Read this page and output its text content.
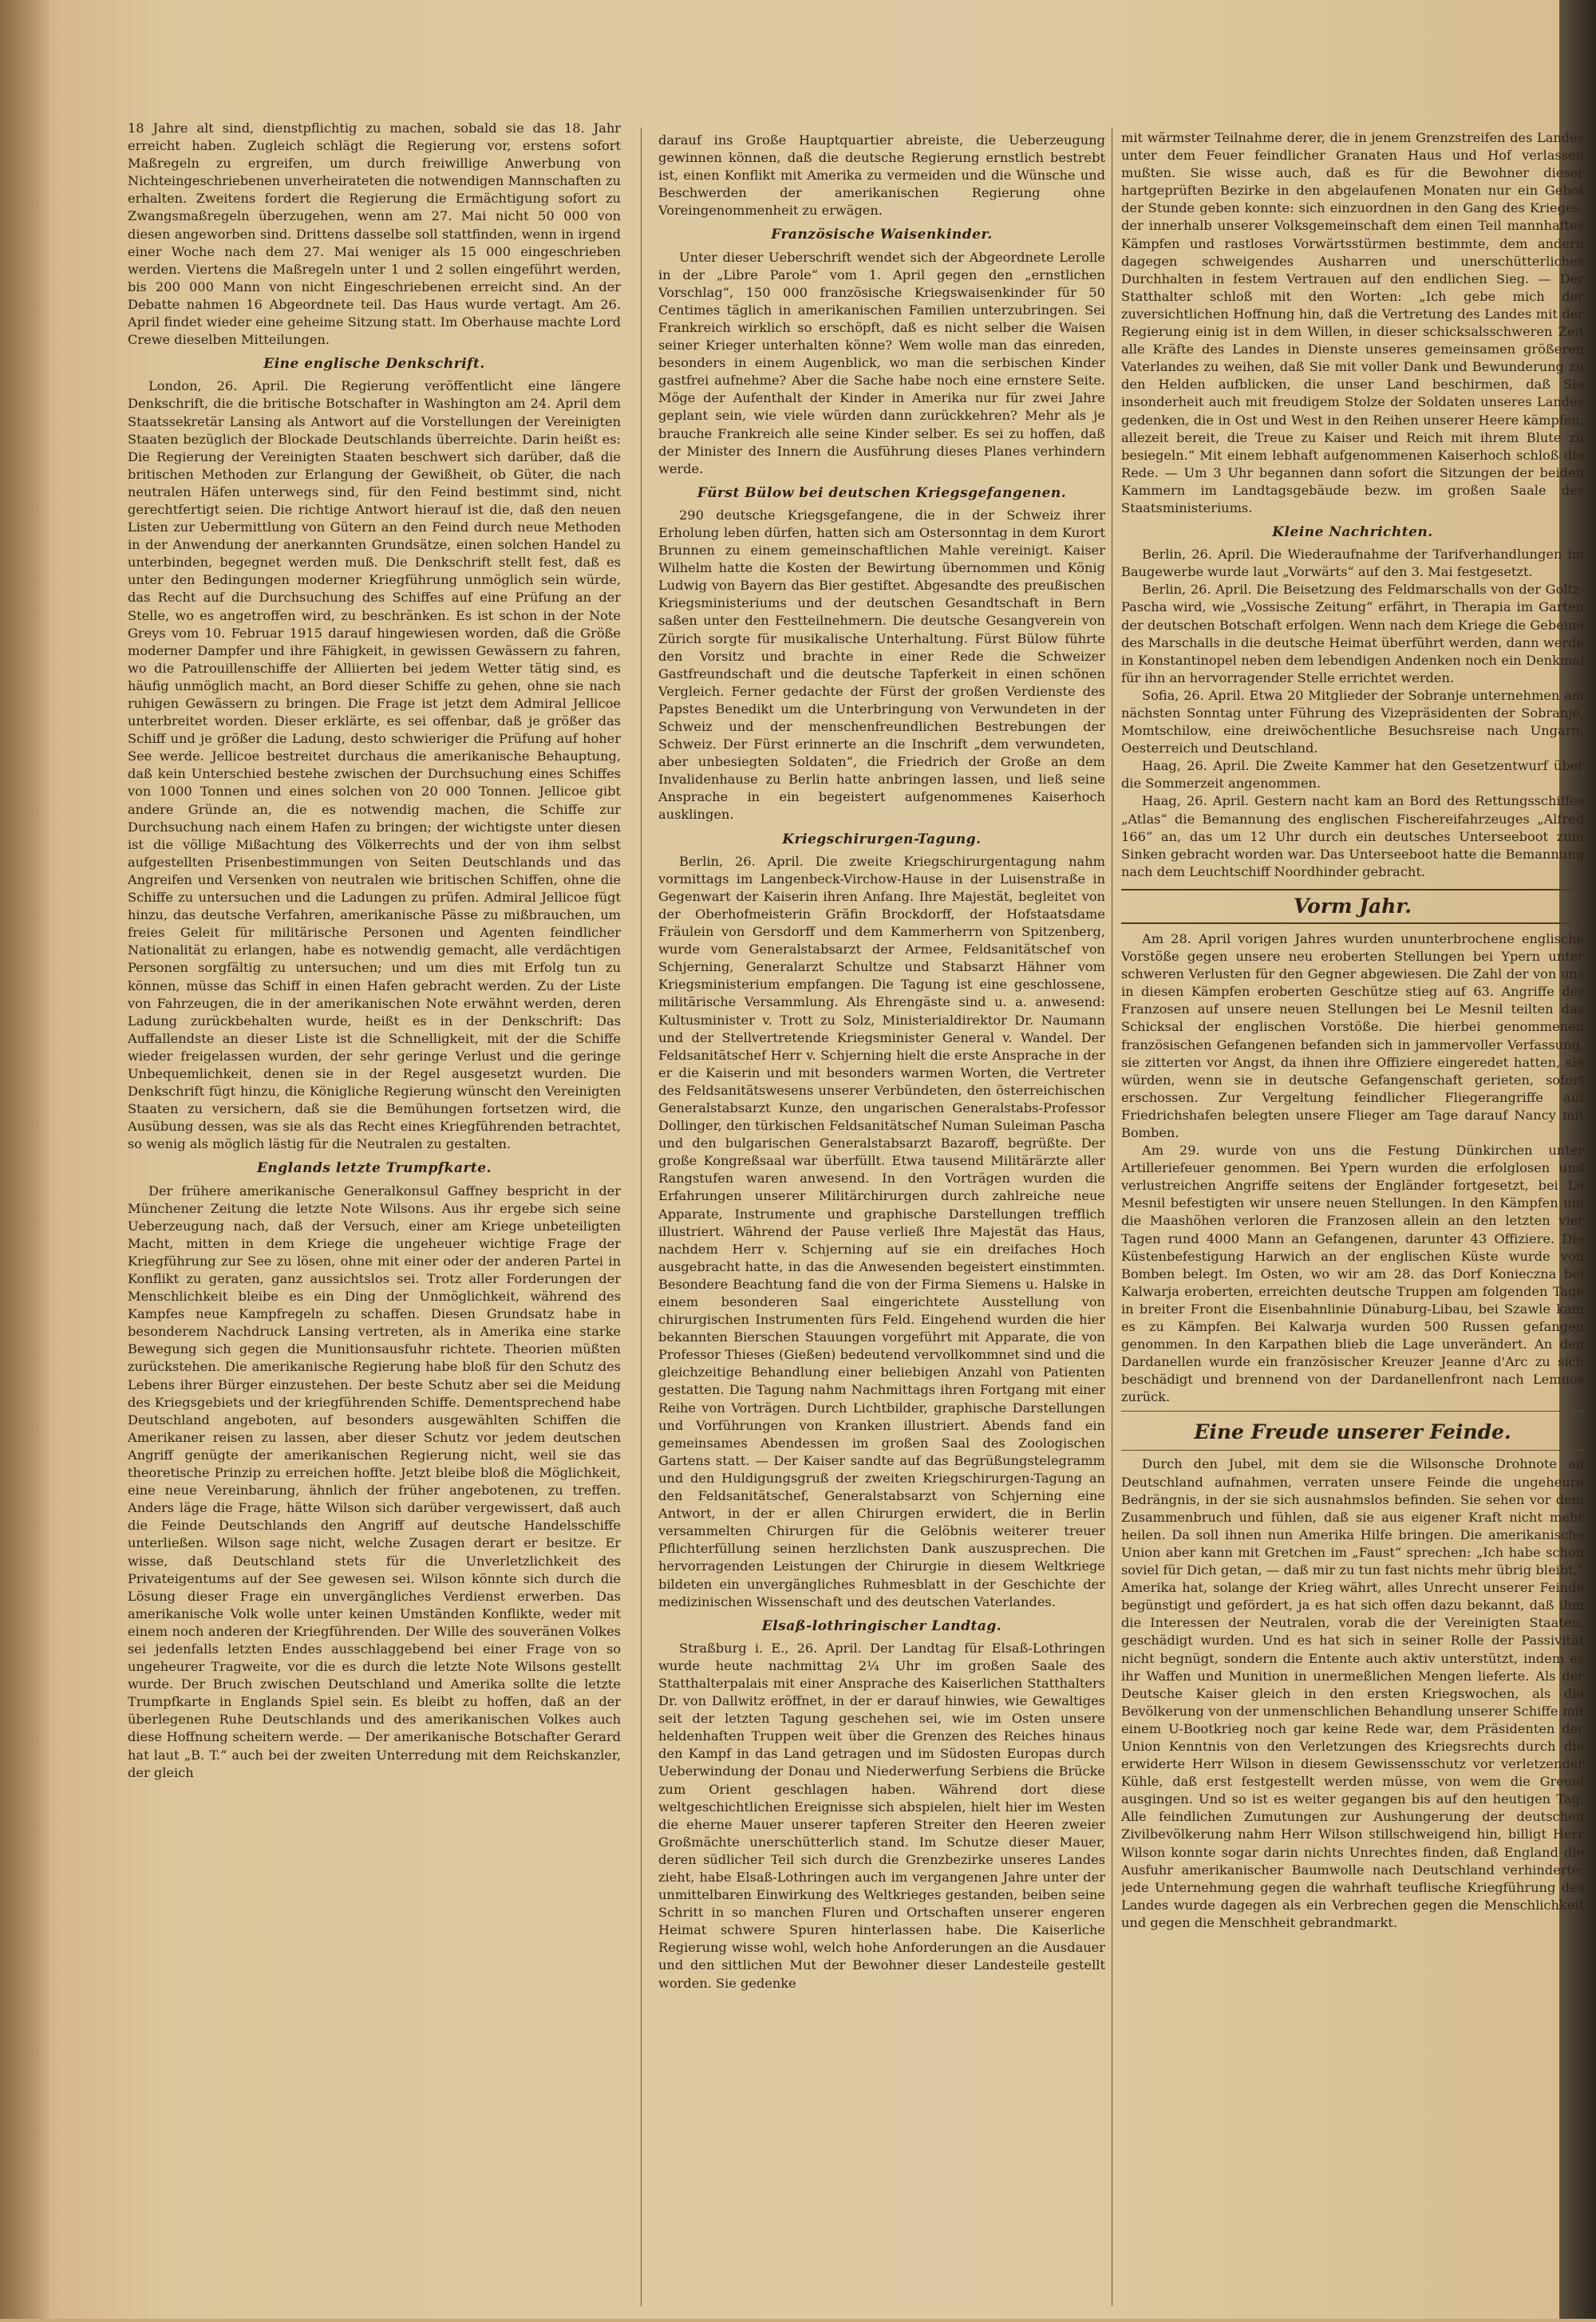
18 Jahre alt sind, dienstpflichtig zu machen, sobald sie das 18. Jahr erreicht haben. Zugleich schlägt die Regierung vor, erstens sofort Maßregeln zu ergreifen, um durch freiwillige Anwerbung von Nichteingeschriebenen unverheirateten die notwendigen Mannschaften zu erhalten. Zweitens fordert die Regierung die Ermächtigung sofort zu Zwangsmaßregeln überzugehen, wenn am 27. Mai nicht 50 000 von diesen angeworben sind. Drittens dasselbe soll stattfinden, wenn in irgend einer Woche nach dem 27. Mai weniger als 15 000 eingeschrieben werden. Viertens die Maßregeln unter 1 und 2 sollen eingeführt werden, bis 200 000 Mann von nicht Eingeschriebenen erreicht sind. An der Debatte nahmen 16 Abgeordnete teil. Das Haus wurde vertagt. Am 26. April findet wieder eine geheime Sitzung statt. Im Oberhause machte Lord Crewe dieselben Mitteilungen.

Eine englische Denkschrift.

London, 26. April. Die Regierung veröffentlicht eine längere Denkschrift, die die britische Botschafter in Washington am 24. April dem Staatssekretär Lansing als Antwort auf die Vorstellungen der Vereinigten Staaten bezüglich der Blockade Deutschlands überreichte. Darin heißt es: Die Regierung der Vereinigten Staaten beschwert sich darüber, daß die britischen Methoden zur Erlangung der Gewißheit, ob Güter, die nach neutralen Häfen unterwegs sind, für den Feind bestimmt sind, nicht gerechtfertigt seien. Die richtige Antwort hierauf ist die, daß den neuen Listen zur Uebermittlung von Gütern an den Feind durch neue Methoden in der Anwendung der anerkannten Grundsätze, einen solchen Handel zu unterbinden, begegnet werden muß. Die Denkschrift stellt fest, daß es unter den Bedingungen moderner Kriegführung unmöglich sein würde, das Recht auf die Durchsuchung des Schiffes auf eine Prüfung an der Stelle, wo es angetroffen wird, zu beschränken. Es ist schon in der Note Greys vom 10. Februar 1915 darauf hingewiesen worden, daß die Größe moderner Dampfer und ihre Fähigkeit, in gewissen Gewässern zu fahren, wo die Patrouillenschiffe der Alliierten bei jedem Wetter tätig sind, es häufig unmöglich macht, an Bord dieser Schiffe zu gehen, ohne sie nach ruhigen Gewässern zu bringen. Die Frage ist jetzt dem Admiral Jellicoe unterbreitet worden. Dieser erklärte, es sei offenbar, daß je größer das Schiff und je größer die Ladung, desto schwieriger die Prüfung auf hoher See werde. Jellicoe bestreitet durchaus die amerikanische Behauptung, daß kein Unterschied bestehe zwischen der Durchsuchung eines Schiffes von 1000 Tonnen und eines solchen von 20 000 Tonnen. Jellicoe gibt andere Gründe an, die es notwendig machen, die Schiffe zur Durchsuchung nach einem Hafen zu bringen; der wichtigste unter diesen ist die völlige Mißachtung des Völkerrechts und der von ihm selbst aufgestellten Prisenbestimmungen von Seiten Deutschlands und das Angreifen und Versenken von neutralen wie britischen Schiffen, ohne die Schiffe zu untersuchen und die Ladungen zu prüfen. Admiral Jellicoe fügt hinzu, das deutsche Verfahren, amerikanische Pässe zu mißbrauchen, um freies Geleit für militärische Personen und Agenten feindlicher Nationalität zu erlangen, habe es notwendig gemacht, alle verdächtigen Personen sorgfältig zu untersuchen; und um dies mit Erfolg tun zu können, müsse das Schiff in einen Hafen gebracht werden. Zu der Liste von Fahrzeugen, die in der amerikanischen Note erwähnt werden, deren Ladung zurückbehalten wurde, heißt es in der Denkschrift: Das Auffallendste an dieser Liste ist die Schnelligkeit, mit der die Schiffe wieder freigelassen wurden, der sehr geringe Verlust und die geringe Unbequemlichkeit, denen sie in der Regel ausgesetzt wurden. Die Denkschrift fügt hinzu, die Königliche Regierung wünscht den Vereinigten Staaten zu versichern, daß sie die Bemühungen fortsetzen wird, die Ausübung dessen, was sie als das Recht eines Kriegführenden betrachtet, so wenig als möglich lästig für die Neutralen zu gestalten.

Englands letzte Trumpfkarte.

Der frühere amerikanische Generalkonsul Gaffney bespricht in der Münchener Zeitung die letzte Note Wilsons. Aus ihr ergebe sich seine Ueberzeugung nach, daß der Versuch, einer am Kriege unbeteiligten Macht, mitten in dem Kriege die ungeheuer wichtige Frage der Kriegführung zur See zu lösen, ohne mit einer oder der anderen Partei in Konflikt zu geraten, ganz aussichtslos sei. Trotz aller Forderungen der Menschlichkeit bleibe es ein Ding der Unmöglichkeit, während des Kampfes neue Kampfregeln zu schaffen. Diesen Grundsatz habe in besonderem Nachdruck Lansing vertreten, als in Amerika eine starke Bewegung sich gegen die Munitionsausfuhr richtete. Theorien müßten zurückstehen. Die amerikanische Regierung habe bloß für den Schutz des Lebens ihrer Bürger einzustehen. Der beste Schutz aber sei die Meidung des Kriegsgebiets und der kriegführenden Schiffe. Dementsprechend habe Deutschland angeboten, auf besonders ausgewählten Schiffen die Amerikaner reisen zu lassen, aber dieser Schutz vor jedem deutschen Angriff genügte der amerikanischen Regierung nicht, weil sie das theoretische Prinzip zu erreichen hoffte. Jetzt bleibe bloß die Möglichkeit, eine neue Vereinbarung, ähnlich der früher angebotenen, zu treffen. Anders läge die Frage, hätte Wilson sich darüber vergewissert, daß auch die Feinde Deutschlands den Angriff auf deutsche Handelsschiffe unterließen. Wilson sage nicht, welche Zusagen derart er besitze. Er wisse, daß Deutschland stets für die Unverletzlichkeit des Privateigentums auf der See gewesen sei. Wilson könnte sich durch die Lösung dieser Frage ein unvergängliches Verdienst erwerben. Das amerikanische Volk wolle unter keinen Umständen Konflikte, weder mit einem noch anderen der Kriegführenden. Der Wille des souveränen Volkes sei jedenfalls letzten Endes ausschlaggebend bei einer Frage von so ungeheurer Tragweite, vor die es durch die letzte Note Wilsons gestellt wurde. Der Bruch zwischen Deutschland und Amerika sollte die letzte Trumpfkarte in Englands Spiel sein. Es bleibt zu hoffen, daß an der überlegenen Ruhe Deutschlands und des amerikanischen Volkes auch diese Hoffnung scheitern werde. — Der amerikanische Botschafter Gerard hat laut „B. T.“ auch bei der zweiten Unterredung mit dem Reichskanzler, der gleich

darauf ins Große Hauptquartier abreiste, die Ueberzeugung gewinnen können, daß die deutsche Regierung ernstlich bestrebt ist, einen Konflikt mit Amerika zu vermeiden und die Wünsche und Beschwerden der amerikanischen Regierung ohne Voreingenommenheit zu erwägen.

Französische Waisenkinder.

Unter dieser Ueberschrift wendet sich der Abgeordnete Lerolle in der „Libre Parole“ vom 1. April gegen den „ernstlichen Vorschlag“, 150 000 französische Kriegswaisenkinder für 50 Centimes täglich in amerikanischen Familien unterzubringen. Sei Frankreich wirklich so erschöpft, daß es nicht selber die Waisen seiner Krieger unterhalten könne? Wem wolle man das einreden, besonders in einem Augenblick, wo man die serbischen Kinder gastfrei aufnehme? Aber die Sache habe noch eine ernstere Seite. Möge der Aufenthalt der Kinder in Amerika nur für zwei Jahre geplant sein, wie viele würden dann zurückkehren? Mehr als je brauche Frankreich alle seine Kinder selber. Es sei zu hoffen, daß der Minister des Innern die Ausführung dieses Planes verhindern werde.

Fürst Bülow bei deutschen Kriegsgefangenen.

290 deutsche Kriegsgefangene, die in der Schweiz ihrer Erholung leben dürfen, hatten sich am Ostersonntag in dem Kurort Brunnen zu einem gemeinschaftlichen Mahle vereinigt. Kaiser Wilhelm hatte die Kosten der Bewirtung übernommen und König Ludwig von Bayern das Bier gestiftet. Abgesandte des preußischen Kriegsministeriums und der deutschen Gesandtschaft in Bern saßen unter den Festteilnehmern. Die deutsche Gesangverein von Zürich sorgte für musikalische Unterhaltung. Fürst Bülow führte den Vorsitz und brachte in einer Rede die Schweizer Gastfreundschaft und die deutsche Tapferkeit in einen schönen Vergleich. Ferner gedachte der Fürst der großen Verdienste des Papstes Benedikt um die Unterbringung von Verwundeten in der Schweiz und der menschenfreundlichen Bestrebungen der Schweiz. Der Fürst erinnerte an die Inschrift „dem verwundeten, aber unbesiegten Soldaten“, die Friedrich der Große an dem Invalidenhause zu Berlin hatte anbringen lassen, und ließ seine Ansprache in ein begeistert aufgenommenes Kaiserhoch ausklingen.

Kriegschirurgen-Tagung.

Berlin, 26. April. Die zweite Kriegschirurgentagung nahm vormittags im Langenbeck-Virchow-Hause in der Luisenstraße in Gegenwart der Kaiserin ihren Anfang. Ihre Majestät, begleitet von der Oberhofmeisterin Gräfin Brockdorff, der Hofstaatsdame Fräulein von Gersdorff und dem Kammerherrn von Spitzenberg, wurde vom Generalstabsarzt der Armee, Feldsanitätschef von Schjerning, Generalarzt Schultze und Stabsarzt Hähner vom Kriegsministerium empfangen. Die Tagung ist eine geschlossene, militärische Versammlung. Als Ehrengäste sind u. a. anwesend: Kultusminister v. Trott zu Solz, Ministerialdirektor Dr. Naumann und der Stellvertretende Kriegsminister General v. Wandel. Der Feldsanitätschef Herr v. Schjerning hielt die erste Ansprache in der er die Kaiserin und mit besonders warmen Worten, die Vertreter des Feldsanitätswesens unserer Verbündeten, den österreichischen Generalstabsarzt Kunze, den ungarischen Generalstabs-Professor Dollinger, den türkischen Feldsanitätschef Numan Suleiman Pascha und den bulgarischen Generalstabsarzt Bazaroff, begrüßte. Der große Kongreßsaal war überfüllt. Etwa tausend Militärärzte aller Rangstufen waren anwesend. In den Vorträgen wurden die Erfahrungen unserer Militärchirurgen durch zahlreiche neue Apparate, Instrumente und graphische Darstellungen trefflich illustriert. Während der Pause verließ Ihre Majestät das Haus, nachdem Herr v. Schjerning auf sie ein dreifaches Hoch ausgebracht hatte, in das die Anwesenden begeistert einstimmten. Besondere Beachtung fand die von der Firma Siemens u. Halske in einem besonderen Saal eingerichtete Ausstellung von chirurgischen Instrumenten fürs Feld. Eingehend wurden die hier bekannten Bierschen Stauungen vorgeführt mit Apparate, die von Professor Thieses (Gießen) bedeutend vervollkommnet sind und die gleichzeitige Behandlung einer beliebigen Anzahl von Patienten gestatten. Die Tagung nahm Nachmittags ihren Fortgang mit einer Reihe von Vorträgen. Durch Lichtbilder, graphische Darstellungen und Vorführungen von Kranken illustriert. Abends fand ein gemeinsames Abendessen im großen Saal des Zoologischen Gartens statt. — Der Kaiser sandte auf das Begrüßungstelegramm und den Huldigungsgruß der zweiten Kriegschirurgen-Tagung an den Feldsanitätschef, Generalstabsarzt von Schjerning eine Antwort, in der er allen Chirurgen erwidert, die in Berlin versammelten Chirurgen für die Gelöbnis weiterer treuer Pflichterfüllung seinen herzlichsten Dank auszusprechen. Die hervorragenden Leistungen der Chirurgie in diesem Weltkriege bildeten ein unvergängliches Ruhmesblatt in der Geschichte der medizinischen Wissenschaft und des deutschen Vaterlandes.

Elsaß-lothringischer Landtag.

Straßburg i. E., 26. April. Der Landtag für Elsaß-Lothringen wurde heute nachmittag 2¼ Uhr im großen Saale des Statthalterpalais mit einer Ansprache des Kaiserlichen Statthalters Dr. von Dallwitz eröffnet, in der er darauf hinwies, wie Gewaltiges seit der letzten Tagung geschehen sei, wie im Osten unsere heldenhaften Truppen weit über die Grenzen des Reiches hinaus den Kampf in das Land getragen und im Südosten Europas durch Ueberwindung der Donau und Niederwerfung Serbiens die Brücke zum Orient geschlagen haben. Während dort diese weltgeschichtlichen Ereignisse sich abspielen, hielt hier im Westen die eherne Mauer unserer tapferen Streiter den Heeren zweier Großmächte unerschütterlich stand. Im Schutze dieser Mauer, deren südlicher Teil sich durch die Grenzbezirke unseres Landes zieht, habe Elsaß-Lothringen auch im vergangenen Jahre unter der unmittelbaren Einwirkung des Weltkrieges gestanden, beiben seine Schritt in so manchen Fluren und Ortschaften unserer engeren Heimat schwere Spuren hinterlassen habe. Die Kaiserliche Regierung wisse wohl, welch hohe Anforderungen an die Ausdauer und den sittlichen Mut der Bewohner dieser Landesteile gestellt worden. Sie gedenke

mit wärmster Teilnahme derer, die in jenem Grenzstreifen des Landes unter dem Feuer feindlicher Granaten Haus und Hof verlassen mußten. Sie wisse auch, daß es für die Bewohner dieser hartgeprüften Bezirke in den abgelaufenen Monaten nur ein Gebot der Stunde geben konnte: sich einzuordnen in den Gang des Krieges, der innerhalb unserer Volksgemeinschaft dem einen Teil mannhaftes Kämpfen und rastloses Vorwärtsstürmen bestimmte, dem andern dagegen schweigendes Ausharren und unerschütterliches Durchhalten in festem Vertrauen auf den endlichen Sieg. — Der Statthalter schloß mit den Worten: „Ich gebe mich der zuversichtlichen Hoffnung hin, daß die Vertretung des Landes mit der Regierung einig ist in dem Willen, in dieser schicksalsschweren Zeit alle Kräfte des Landes in Dienste unseres gemeinsamen größeren Vaterlandes zu weihen, daß Sie mit voller Dank und Bewunderung zu den Helden aufblicken, die unser Land beschirmen, daß Sie insonderheit auch mit freudigem Stolze der Soldaten unseres Landes gedenken, die in Ost und West in den Reihen unserer Heere kämpfen, allezeit bereit, die Treue zu Kaiser und Reich mit ihrem Blute zu besiegeln.“ Mit einem lebhaft aufgenommenen Kaiserhoch schloß die Rede. — Um 3 Uhr begannen dann sofort die Sitzungen der beiden Kammern im Landtagsgebäude bezw. im großen Saale des Staatsministeriums.

Kleine Nachrichten.

Berlin, 26. April. Die Wiederaufnahme der Tarifverhandlungen im Baugewerbe wurde laut „Vorwärts“ auf den 3. Mai festgesetzt.

Berlin, 26. April. Die Beisetzung des Feldmarschalls von der Goltz-Pascha wird, wie „Vossische Zeitung“ erfährt, in Therapia im Garten der deutschen Botschaft erfolgen. Wenn nach dem Kriege die Gebeine des Marschalls in die deutsche Heimat überführt werden, dann werde in Konstantinopel neben dem lebendigen Andenken noch ein Denkmal für ihn an hervorragender Stelle errichtet werden.

Sofia, 26. April. Etwa 20 Mitglieder der Sobranje unternehmen am nächsten Sonntag unter Führung des Vizepräsidenten der Sobranje, Momtschilow, eine dreiwöchentliche Besuchsreise nach Ungarn, Oesterreich und Deutschland.

Haag, 26. April. Die Zweite Kammer hat den Gesetzentwurf über die Sommerzeit angenommen.

Haag, 26. April. Gestern nacht kam an Bord des Rettungsschiffes „Atlas“ die Bemannung des englischen Fischereifahrzeuges „Alfred 166“ an, das um 12 Uhr durch ein deutsches Unterseeboot zum Sinken gebracht worden war. Das Unterseeboot hatte die Bemannung nach dem Leuchtschiff Noordhinder gebracht.

Vorm Jahr.

Am 28. April vorigen Jahres wurden ununterbrochene englische Vorstöße gegen unsere neu eroberten Stellungen bei Ypern unter schweren Verlusten für den Gegner abgewiesen. Die Zahl der von uns in diesen Kämpfen eroberten Geschütze stieg auf 63. Angriffe der Franzosen auf unsere neuen Stellungen bei Le Mesnil teilten das Schicksal der englischen Vorstöße. Die hierbei genommenen französischen Gefangenen befanden sich in jammervoller Verfassung, sie zitterten vor Angst, da ihnen ihre Offiziere eingeredet hatten, sie würden, wenn sie in deutsche Gefangenschaft gerieten, sofort erschossen. Zur Vergeltung feindlicher Fliegerangriffe auf Friedrichshafen belegten unsere Flieger am Tage darauf Nancy mit Bomben.

Am 29. wurde von uns die Festung Dünkirchen unter Artilleriefeuer genommen. Bei Ypern wurden die erfolglosen und verlustreichen Angriffe seitens der Engländer fortgesetzt, bei Le Mesnil befestigten wir unsere neuen Stellungen. In den Kämpfen um die Maashöhen verloren die Franzosen allein an den letzten vier Tagen rund 4000 Mann an Gefangenen, darunter 43 Offiziere. Die Küstenbefestigung Harwich an der englischen Küste wurde von Bomben belegt. Im Osten, wo wir am 28. das Dorf Konieczna bei Kalwarja eroberten, erreichten deutsche Truppen am folgenden Tage in breiter Front die Eisenbahnlinie Dünaburg-Libau, bei Szawle kam es zu Kämpfen. Bei Kalwarja wurden 500 Russen gefangen genommen. In den Karpathen blieb die Lage unverändert. An den Dardanellen wurde ein französischer Kreuzer Jeanne d'Arc zu sich beschädigt und brennend von der Dardanellenfront nach Lemnos zurück.

Eine Freude unserer Feinde.

Durch den Jubel, mit dem sie die Wilsonsche Drohnote an Deutschland aufnahmen, verraten unsere Feinde die ungeheure Bedrängnis, in der sie sich ausnahmslos befinden. Sie sehen vor dem Zusammenbruch und fühlen, daß sie aus eigener Kraft nicht mehr heilen. Da soll ihnen nun Amerika Hilfe bringen. Die amerikanische Union aber kann mit Gretchen im „Faust“ sprechen: „Ich habe schon soviel für Dich getan, — daß mir zu tun fast nichts mehr übrig bleibt.“ Amerika hat, solange der Krieg währt, alles Unrecht unserer Feinde begünstigt und gefördert, ja es hat sich offen dazu bekannt, daß ihm die Interessen der Neutralen, vorab die der Vereinigten Staaten, geschädigt wurden. Und es hat sich in seiner Rolle der Passivität nicht begnügt, sondern die Entente auch aktiv unterstützt, indem es ihr Waffen und Munition in unermeßlichen Mengen lieferte. Als der Deutsche Kaiser gleich in den ersten Kriegswochen, als die Bevölkerung von der unmenschlichen Behandlung unserer Schiffe mit einem U-Bootkrieg noch gar keine Rede war, dem Präsidenten der Union Kenntnis von den Verletzungen des Kriegsrechts durch die erwiderte Herr Wilson in diesem Gewissensschutz vor verletzender Kühle, daß erst festgestellt werden müsse, von wem die Greuel ausgingen. Und so ist es weiter gegangen bis auf den heutigen Tag. Alle feindlichen Zumutungen zur Aushungerung der deutschen Zivilbevölkerung nahm Herr Wilson stillschweigend hin, billigt Herr Wilson konnte sogar darin nichts Unrechtes finden, daß England die Ausfuhr amerikanischer Baumwolle nach Deutschland verhinderte; jede Unternehmung gegen die wahrhaft teuflische Kriegführung des Landes wurde dagegen als ein Verbrechen gegen die Menschlichkeit und gegen die Menschheit gebrandmarkt.
